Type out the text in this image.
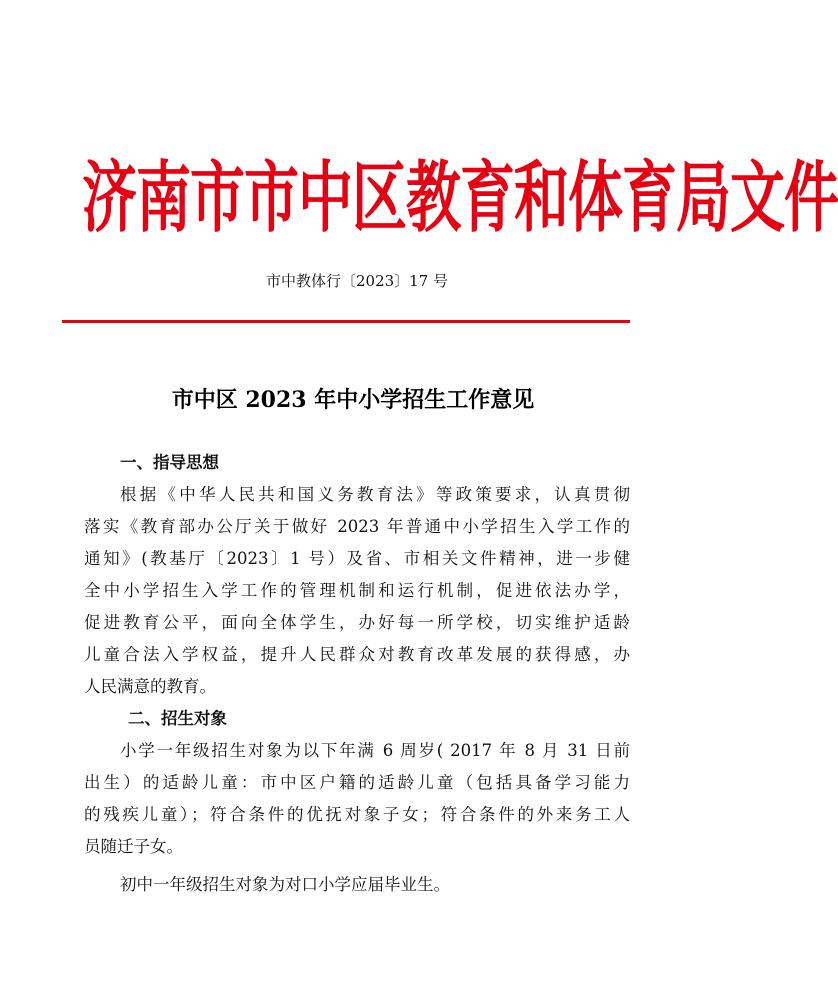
济南市市中区教育和体育局文件
市中教体行〔2023〕17 号
市中区 2023 年中小学招生工作意见
一、指导思想
根据《中华人民共和国义务教育法》等政策要求，认真贯彻
落实《教育部办公厅关于做好 2023 年普通中小学招生入学工作的
通知》(教基厅〔2023〕1 号）及省、市相关文件精神，进一步健
全中小学招生入学工作的管理机制和运行机制，促进依法办学，
促进教育公平，面向全体学生，办好每一所学校，切实维护适龄
儿童合法入学权益，提升人民群众对教育改革发展的获得感，办
人民满意的教育。
二、招生对象
小学一年级招生对象为以下年满 6 周岁( 2017 年 8 月 31 日前
出生）的适龄儿童：市中区户籍的适龄儿童（包括具备学习能力
的残疾儿童）；符合条件的优抚对象子女；符合条件的外来务工人
员随迁子女。
初中一年级招生对象为对口小学应届毕业生。
